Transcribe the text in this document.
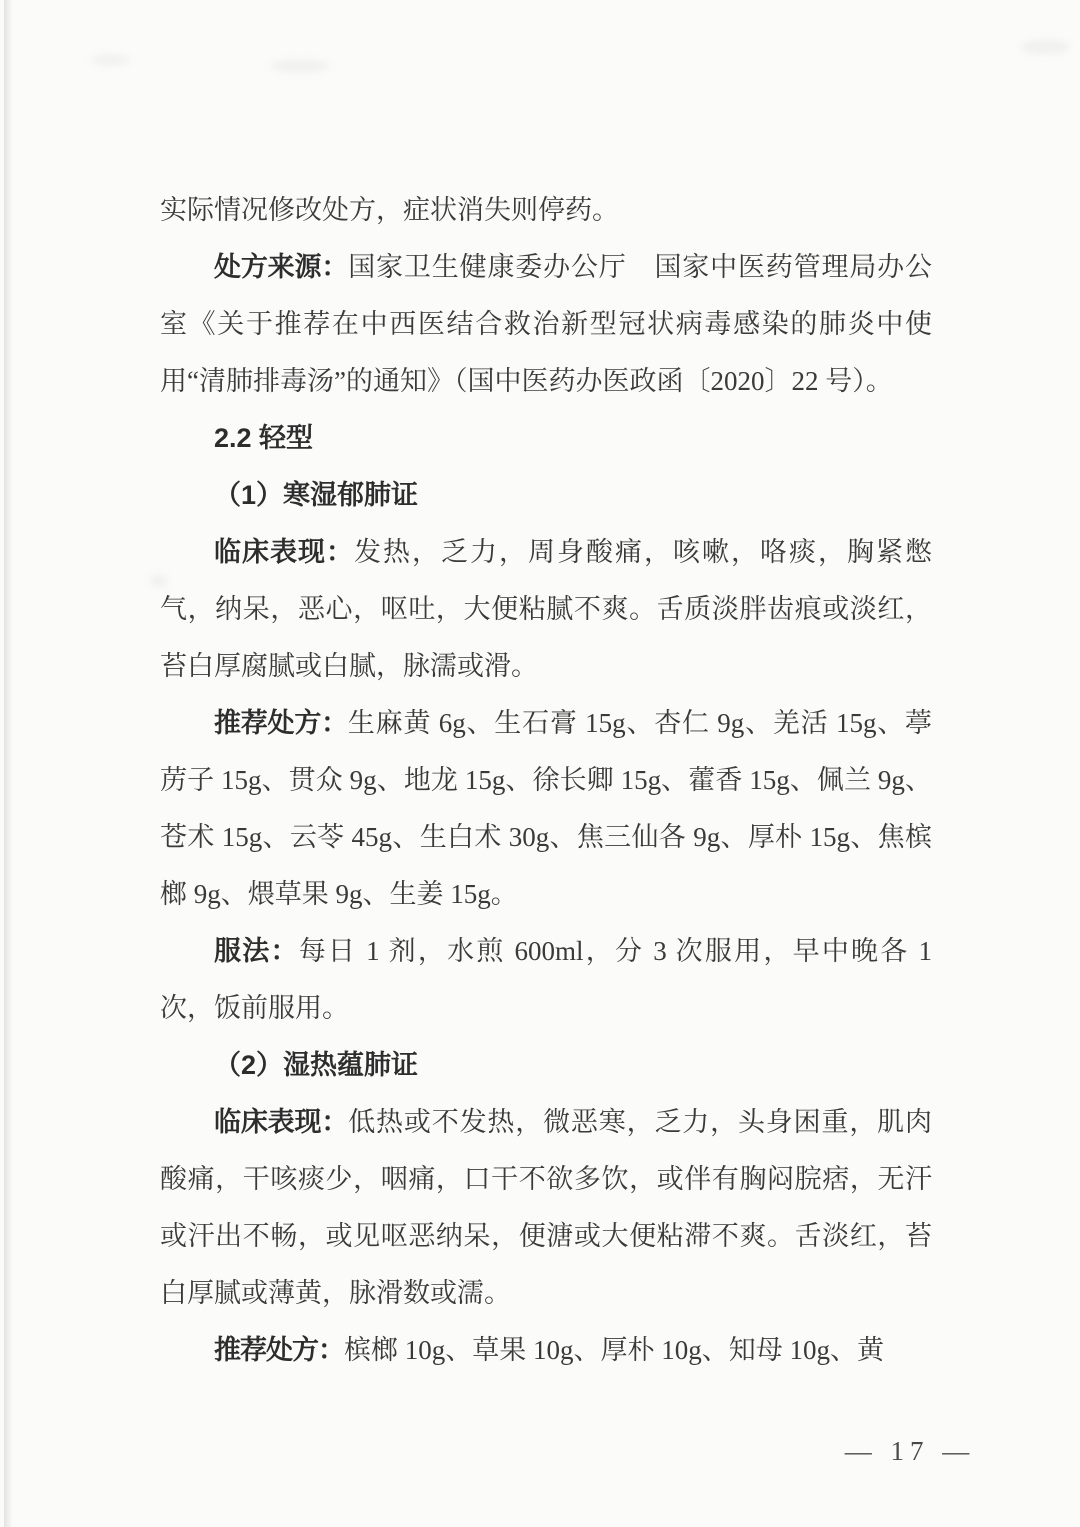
实际情况修改处方，症状消失则停药。

处方来源：国家卫生健康委办公厅　国家中医药管理局办公室《关于推荐在中西医结合救治新型冠状病毒感染的肺炎中使用“清肺排毒汤”的通知》（国中医药办医政函〔2020〕22 号）。

2.2 轻型

（1）寒湿郁肺证

临床表现：发热，乏力，周身酸痛，咳嗽，咯痰，胸紧憋气，纳呆，恶心，呕吐，大便粘腻不爽。舌质淡胖齿痕或淡红，苔白厚腐腻或白腻，脉濡或滑。

推荐处方：生麻黄 6g、生石膏 15g、杏仁 9g、羌活 15g、葶苈子 15g、贯众 9g、地龙 15g、徐长卿 15g、藿香 15g、佩兰 9g、苍术 15g、云苓 45g、生白术 30g、焦三仙各 9g、厚朴 15g、焦槟榔 9g、煨草果 9g、生姜 15g。

服法：每日 1 剂，水煎 600ml，分 3 次服用，早中晚各 1 次，饭前服用。

（2）湿热蕴肺证

临床表现：低热或不发热，微恶寒，乏力，头身困重，肌肉酸痛，干咳痰少，咽痛，口干不欲多饮，或伴有胸闷脘痞，无汗或汗出不畅，或见呕恶纳呆，便溏或大便粘滞不爽。舌淡红，苔白厚腻或薄黄，脉滑数或濡。

推荐处方：槟榔 10g、草果 10g、厚朴 10g、知母 10g、黄

— 17 —
